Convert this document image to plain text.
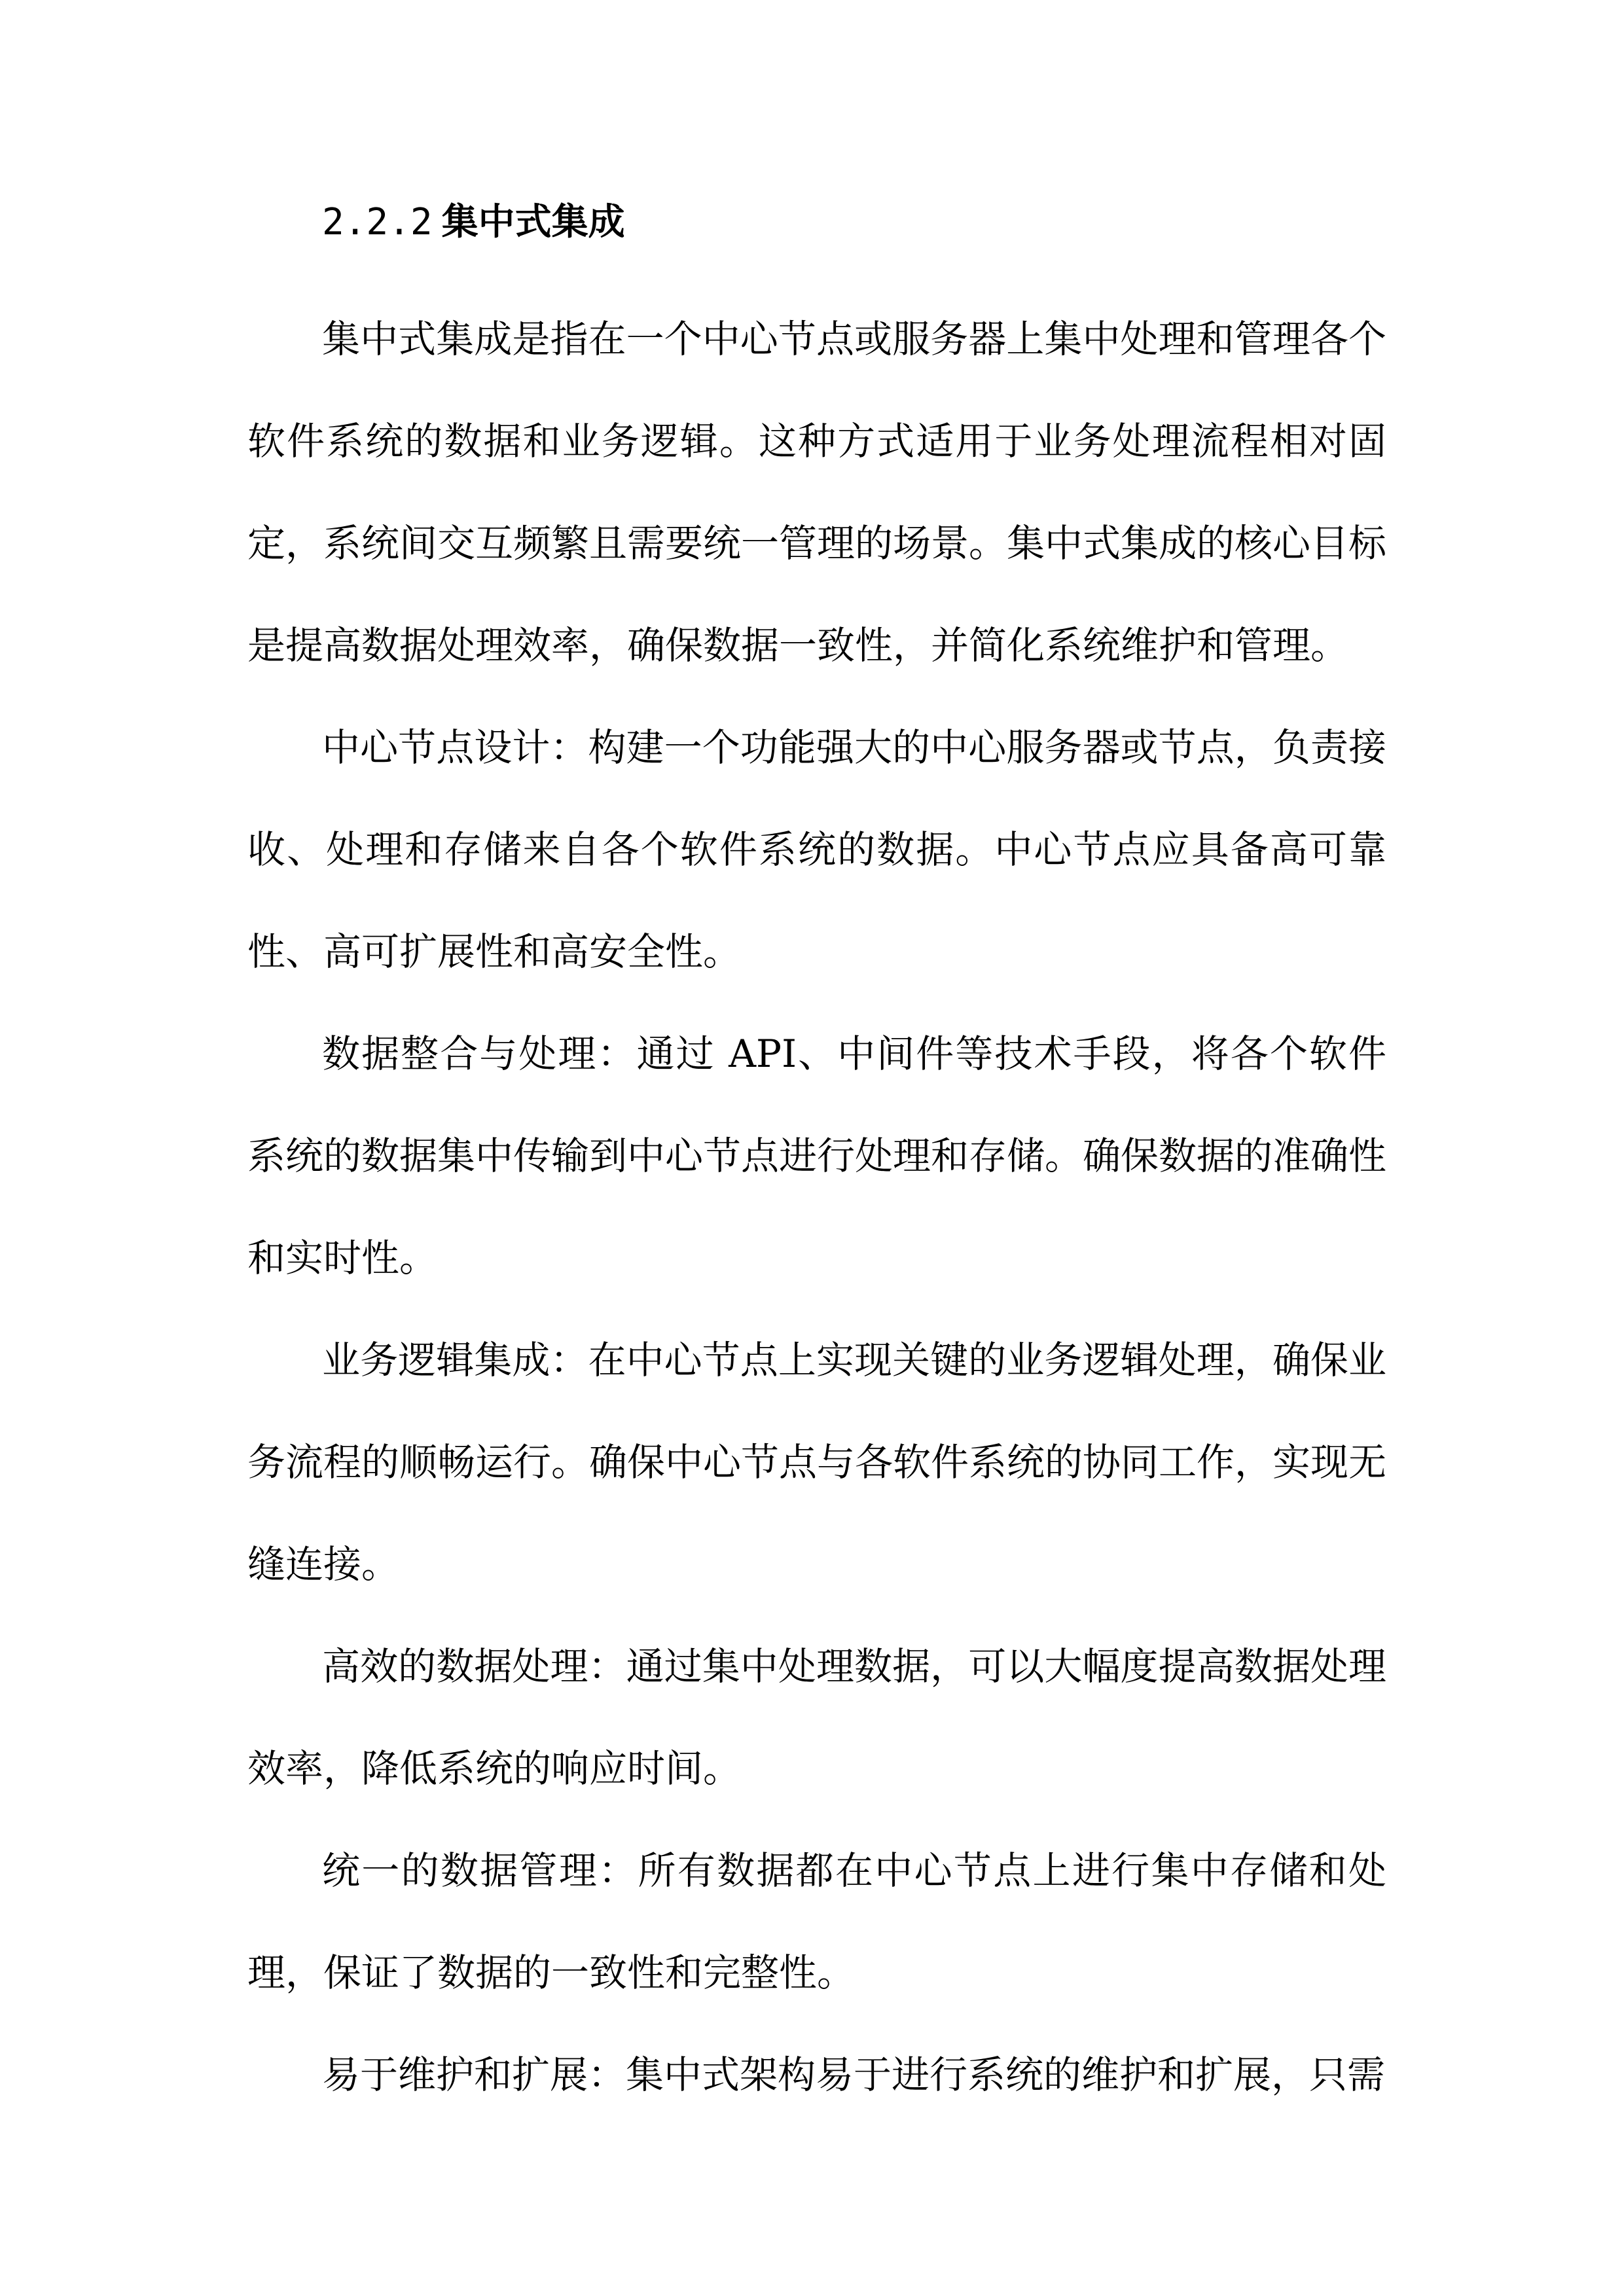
2.2.2 集中式集成

集中式集成是指在一个中心节点或服务器上集中处理和管理各个软件系统的数据和业务逻辑。这种方式适用于业务处理流程相对固定，系统间交互频繁且需要统一管理的场景。集中式集成的核心目标是提高数据处理效率，确保数据一致性，并简化系统维护和管理。

中心节点设计：构建一个功能强大的中心服务器或节点，负责接收、处理和存储来自各个软件系统的数据。中心节点应具备高可靠性、高可扩展性和高安全性。

数据整合与处理：通过 API、中间件等技术手段，将各个软件系统的数据集中传输到中心节点进行处理和存储。确保数据的准确性和实时性。

业务逻辑集成：在中心节点上实现关键的业务逻辑处理，确保业务流程的顺畅运行。确保中心节点与各软件系统的协同工作，实现无缝连接。

高效的数据处理：通过集中处理数据，可以大幅度提高数据处理效率，降低系统的响应时间。

统一的数据管理：所有数据都在中心节点上进行集中存储和处理，保证了数据的一致性和完整性。

易于维护和扩展：集中式架构易于进行系统的维护和扩展，只需
